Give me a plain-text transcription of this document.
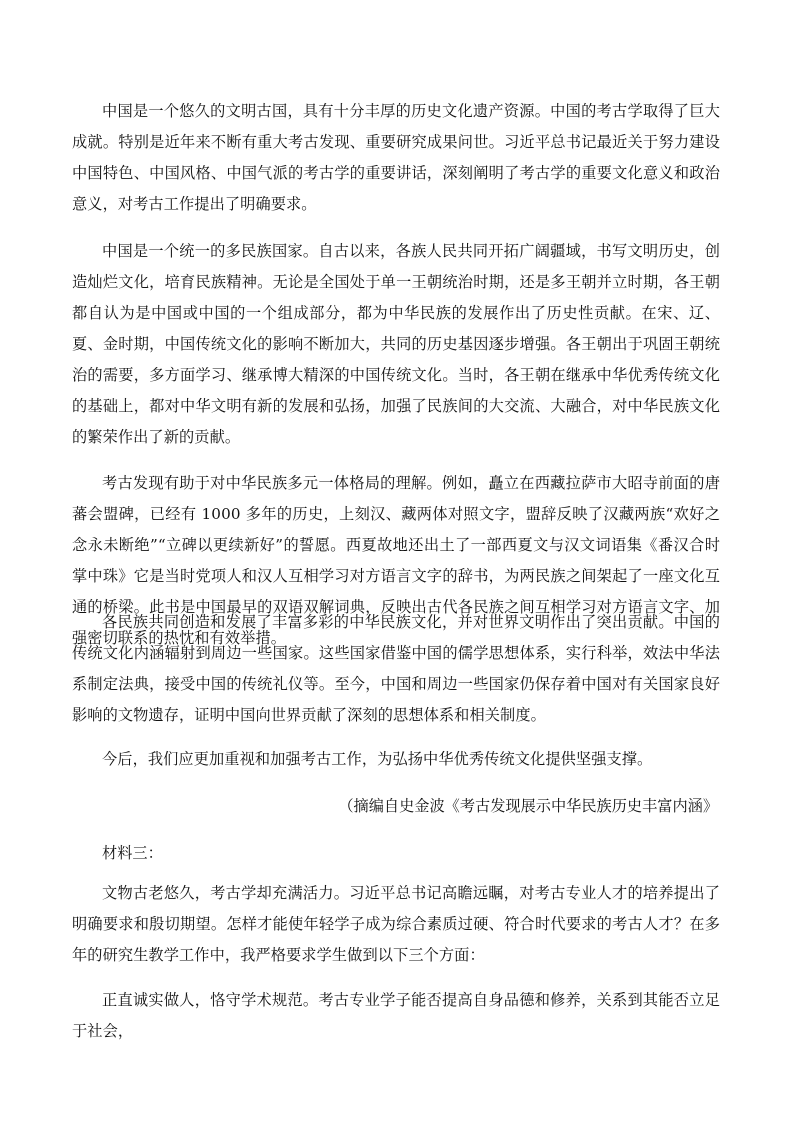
中国是一个悠久的文明古国，具有十分丰厚的历史文化遗产资源。中国的考古学取得了巨大成就。特别是近年来不断有重大考古发现、重要研究成果问世。习近平总书记最近关于努力建设中国特色、中国风格、中国气派的考古学的重要讲话，深刻阐明了考古学的重要文化意义和政治意义，对考古工作提出了明确要求。

中国是一个统一的多民族国家。自古以来，各族人民共同开拓广阔疆域，书写文明历史，创造灿烂文化，培育民族精神。无论是全国处于单一王朝统治时期，还是多王朝并立时期，各王朝都自认为是中国或中国的一个组成部分，都为中华民族的发展作出了历史性贡献。在宋、辽、夏、金时期，中国传统文化的影响不断加大，共同的历史基因逐步增强。各王朝出于巩固王朝统治的需要，多方面学习、继承博大精深的中国传统文化。当时，各王朝在继承中华优秀传统文化的基础上，都对中华文明有新的发展和弘扬，加强了民族间的大交流、大融合，对中华民族文化的繁荣作出了新的贡献。

考古发现有助于对中华民族多元一体格局的理解。例如，矗立在西藏拉萨市大昭寺前面的唐蕃会盟碑，已经有 1000 多年的历史，上刻汉、藏两体对照文字，盟辞反映了汉藏两族“欢好之念永未断绝”“立碑以更续新好”的誓愿。西夏故地还出土了一部西夏文与汉文词语集《番汉合时掌中珠》它是当时党项人和汉人互相学习对方语言文字的辞书，为两民族之间架起了一座文化互通的桥梁。此书是中国最早的双语双解词典，反映出古代各民族之间互相学习对方语言文字、加强密切联系的热忱和有效举措。

各民族共同创造和发展了丰富多彩的中华民族文化，并对世界文明作出了突出贡献。中国的传统文化内涵辐射到周边一些国家。这些国家借鉴中国的儒学思想体系，实行科举，效法中华法系制定法典，接受中国的传统礼仪等。至今，中国和周边一些国家仍保存着中国对有关国家良好影响的文物遗存，证明中国向世界贡献了深刻的思想体系和相关制度。

今后，我们应更加重视和加强考古工作，为弘扬中华优秀传统文化提供坚强支撑。

（摘编自史金波《考古发现展示中华民族历史丰富内涵》

材料三：

文物古老悠久，考古学却充满活力。习近平总书记高瞻远瞩，对考古专业人才的培养提出了明确要求和殷切期望。怎样才能使年轻学子成为综合素质过硬、符合时代要求的考古人才？在多年的研究生教学工作中，我严格要求学生做到以下三个方面：

正直诚实做人，恪守学术规范。考古专业学子能否提高自身品德和修养，关系到其能否立足于社会，
